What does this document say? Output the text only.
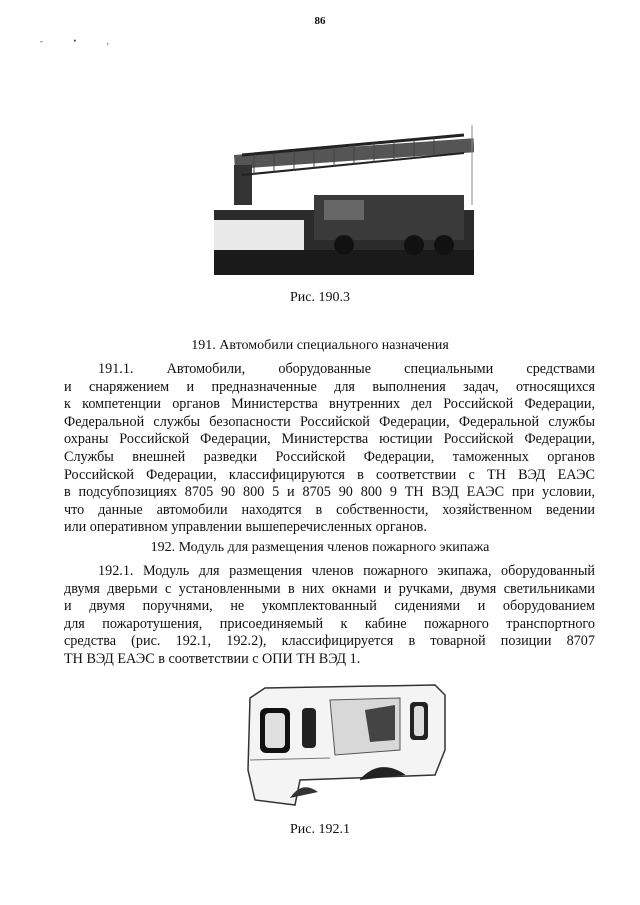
86
- • ,
Рис. 190.3
191. Автомобили специального назначения
191.1. Автомобили, оборудованные специальными средствами
и снаряжением и предназначенные для выполнения задач, относящихся
к компетенции органов Министерства внутренних дел Российской Федерации,
Федеральной службы безопасности Российской Федерации, Федеральной службы
охраны Российской Федерации, Министерства юстиции Российской Федерации,
Службы внешней разведки Российской Федерации, таможенных органов
Российской Федерации, классифицируются в соответствии с ТН ВЭД ЕАЭС
в подсубпозициях 8705 90 800 5 и 8705 90 800 9 ТН ВЭД ЕАЭС при условии,
что данные автомобили находятся в собственности, хозяйственном ведении
или оперативном управлении вышеперечисленных органов.
192. Модуль для размещения членов пожарного экипажа
192.1. Модуль для размещения членов пожарного экипажа, оборудованный
двумя дверьми с установленными в них окнами и ручками, двумя светильниками
и двумя поручнями, не укомплектованный сидениями и оборудованием
для пожаротушения, присоединяемый к кабине пожарного транспортного
средства (рис. 192.1, 192.2), классифицируется в товарной позиции 8707
ТН ВЭД ЕАЭС в соответствии с ОПИ ТН ВЭД 1.
Рис. 192.1
